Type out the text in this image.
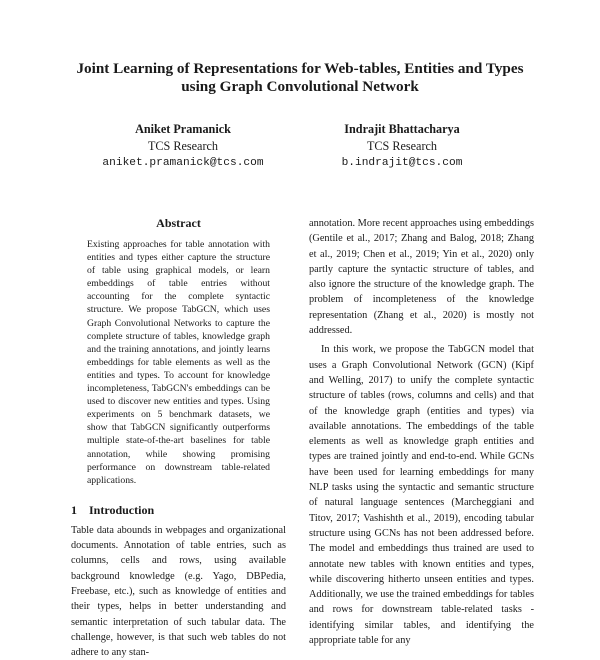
Joint Learning of Representations for Web-tables, Entities and Types using Graph Convolutional Network
Aniket Pramanick
TCS Research
aniket.pramanick@tcs.com
Indrajit Bhattacharya
TCS Research
b.indrajit@tcs.com
Abstract

Existing approaches for table annotation with entities and types either capture the structure of table using graphical models, or learn embeddings of table entries without accounting for the complete syntactic structure. We propose TabGCN, which uses Graph Convolutional Networks to capture the complete structure of tables, knowledge graph and the training annotations, and jointly learns embeddings for table elements as well as the entities and types. To account for knowledge incompleteness, TabGCN's embeddings can be used to discover new entities and types. Using experiments on 5 benchmark datasets, we show that TabGCN significantly outperforms multiple state-of-the-art baselines for table annotation, while showing promising performance on downstream table-related applications.

1 Introduction

Table data abounds in webpages and organizational documents. Annotation of table entries, such as columns, cells and rows, using available background knowledge (e.g. Yago, DBPedia, Freebase, etc.), such as knowledge of entities and their types, helps in better understanding and semantic interpretation of such tabular data. The challenge, however, is that such web tables do not adhere to any stan-

annotation. More recent approaches using embeddings (Gentile et al., 2017; Zhang and Balog, 2018; Zhang et al., 2019; Chen et al., 2019; Yin et al., 2020) only partly capture the syntactic structure of tables, and also ignore the structure of the knowledge graph. The problem of incompleteness of the knowledge representation (Zhang et al., 2020) is mostly not addressed.

In this work, we propose the TabGCN model that uses a Graph Convolutional Network (GCN) (Kipf and Welling, 2017) to unify the complete syntactic structure of tables (rows, columns and cells) and that of the knowledge graph (entities and types) via available annotations. The embeddings of the table elements as well as knowledge graph entities and types are trained jointly and end-to-end. While GCNs have been used for learning embeddings for many NLP tasks using the syntactic and semantic structure of natural language sentences (Marcheggiani and Titov, 2017; Vashishth et al., 2019), encoding tabular structure using GCNs has not been addressed before. The model and embeddings thus trained are used to annotate new tables with known entities and types, while discovering hitherto unseen entities and types. Additionally, we use the trained embeddings for tables and rows for downstream table-related tasks - identifying similar tables, and identifying the appropriate table for any
